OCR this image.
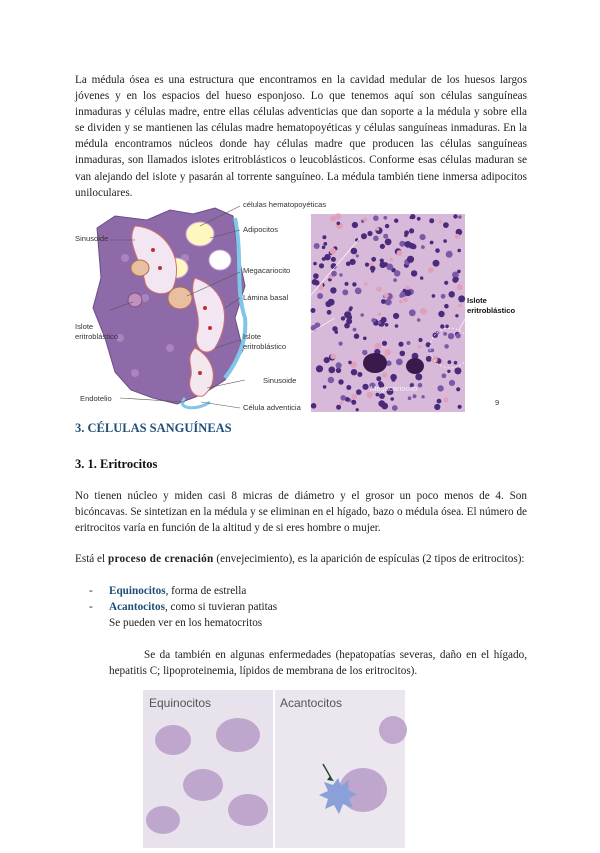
La médula ósea es una estructura que encontramos en la cavidad medular de los huesos largos jóvenes y en los espacios del hueso esponjoso. Lo que tenemos aquí son células sanguíneas inmaduras y células madre, entre ellas células adventicias que dan soporte a la médula y sobre ella se dividen y se mantienen las células madre hematopoyéticas y células sanguíneas inmaduras. En la médula encontramos núcleos donde hay células madre que producen las células sanguíneas inmaduras, son llamados islotes eritroblásticos o leucoblásticos. Conforme esas células maduran se van alejando del islote y pasarán al torrente sanguíneo. La médula también tiene inmersa adipocitos uniloculares.

células hematopoyéticas
Sinusoide
Adipocitos
Megacariocito
Lámina basal
Islote eritroblástico	Islote eritroblástico
Sinusoide
Endotelio
Célula adventicia
Islote eritroblástico
Megacariocito
9
3. CÉLULAS SANGUÍNEAS
3. 1. Eritrocitos

No tienen núcleo y miden casi 8 micras de diámetro y el grosor un poco menos de 4. Son bicóncavas. Se sintetizan en la médula y se eliminan en el hígado, bazo o médula ósea. El número de eritrocitos varía en función de la altitud y de si eres hombre o mujer.

Está el proceso de crenación (envejecimiento), es la aparición de espículas (2 tipos de eritrocitos):

- Equinocitos, forma de estrella
- Acantocitos, como si tuvieran patitas
Se pueden ver en los hematocritos

Se da también en algunas enfermedades (hepatopatías severas, daño en el hígado, hepatitis C; lipoproteinemia, lípidos de membrana de los eritrocitos).

Equinocitos	Acantocitos
